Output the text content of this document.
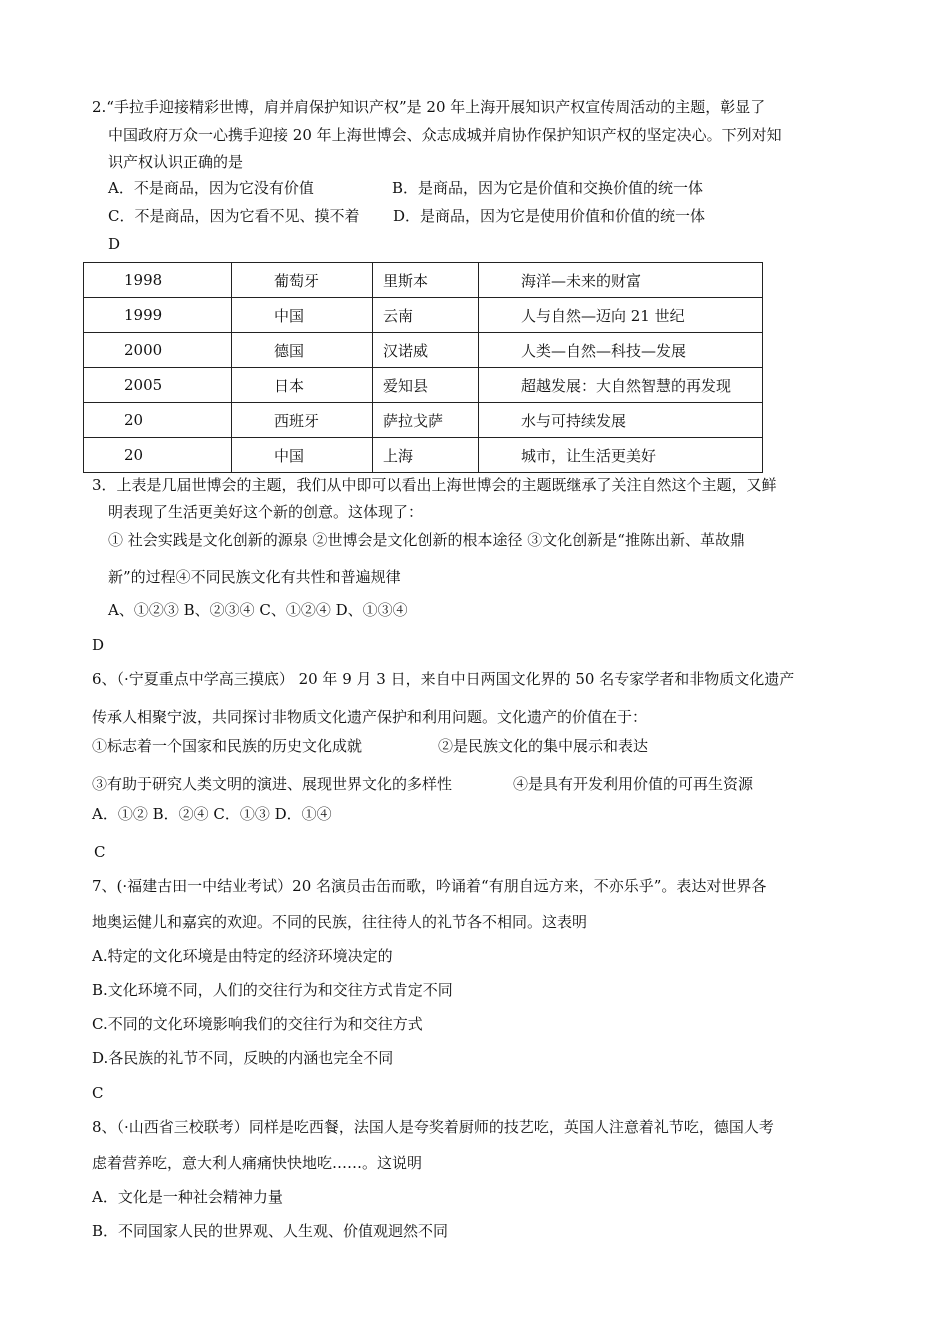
2.“手拉手迎接精彩世博，肩并肩保护知识产权”是 20 年上海开展知识产权宣传周活动的主题，彰显了
中国政府万众一心携手迎接 20 年上海世博会、众志成城并肩协作保护知识产权的坚定决心。下列对知
识产权认识正确的是
A．不是商品，因为它没有价值	B．是商品，因为它是价值和交换价值的统一体
C．不是商品，因为它看不见、摸不着 D．是商品，因为它是使用价值和价值的统一体
D
1998	葡萄牙	里斯本	海洋—未来的财富
1999	中国	云南	人与自然—迈向 21 世纪
2000	德国	汉诺威	人类—自然—科技—发展
2005	日本	爱知县	超越发展：大自然智慧的再发现
20	西班牙	萨拉戈萨	水与可持续发展
20	中国	上海	城市，让生活更美好
3．上表是几届世博会的主题，我们从中即可以看出上海世博会的主题既继承了关注自然这个主题，又鲜
明表现了生活更美好这个新的创意。这体现了：
① 社会实践是文化创新的源泉 ②世博会是文化创新的根本途径 ③文化创新是“推陈出新、革故鼎
新”的过程④不同民族文化有共性和普遍规律
A、①②③ B、②③④ C、①②④ D、①③④
D
6、（·宁夏重点中学高三摸底） 20 年 9 月 3 日，来自中日两国文化界的 50 名专家学者和非物质文化遗产
传承人相聚宁波，共同探讨非物质文化遗产保护和利用问题。文化遗产的价值在于：
①标志着一个国家和民族的历史文化成就	②是民族文化的集中展示和表达
③有助于研究人类文明的演进、展现世界文化的多样性	④是具有开发利用价值的可再生资源
A．①② B．②④ C．①③ D．①④
C
7、(·福建古田一中结业考试）20 名演员击缶而歌，吟诵着“有朋自远方来，不亦乐乎”。表达对世界各
地奥运健儿和嘉宾的欢迎。不同的民族，往往待人的礼节各不相同。这表明
A.特定的文化环境是由特定的经济环境决定的
B.文化环境不同，人们的交往行为和交往方式肯定不同
C.不同的文化环境影响我们的交往行为和交往方式
D.各民族的礼节不同，反映的内涵也完全不同
C
8、（·山西省三校联考）同样是吃西餐，法国人是夸奖着厨师的技艺吃，英国人注意着礼节吃，德国人考
虑着营养吃，意大利人痛痛快快地吃……。这说明
A．文化是一种社会精神力量
B．不同国家人民的世界观、人生观、价值观迥然不同
